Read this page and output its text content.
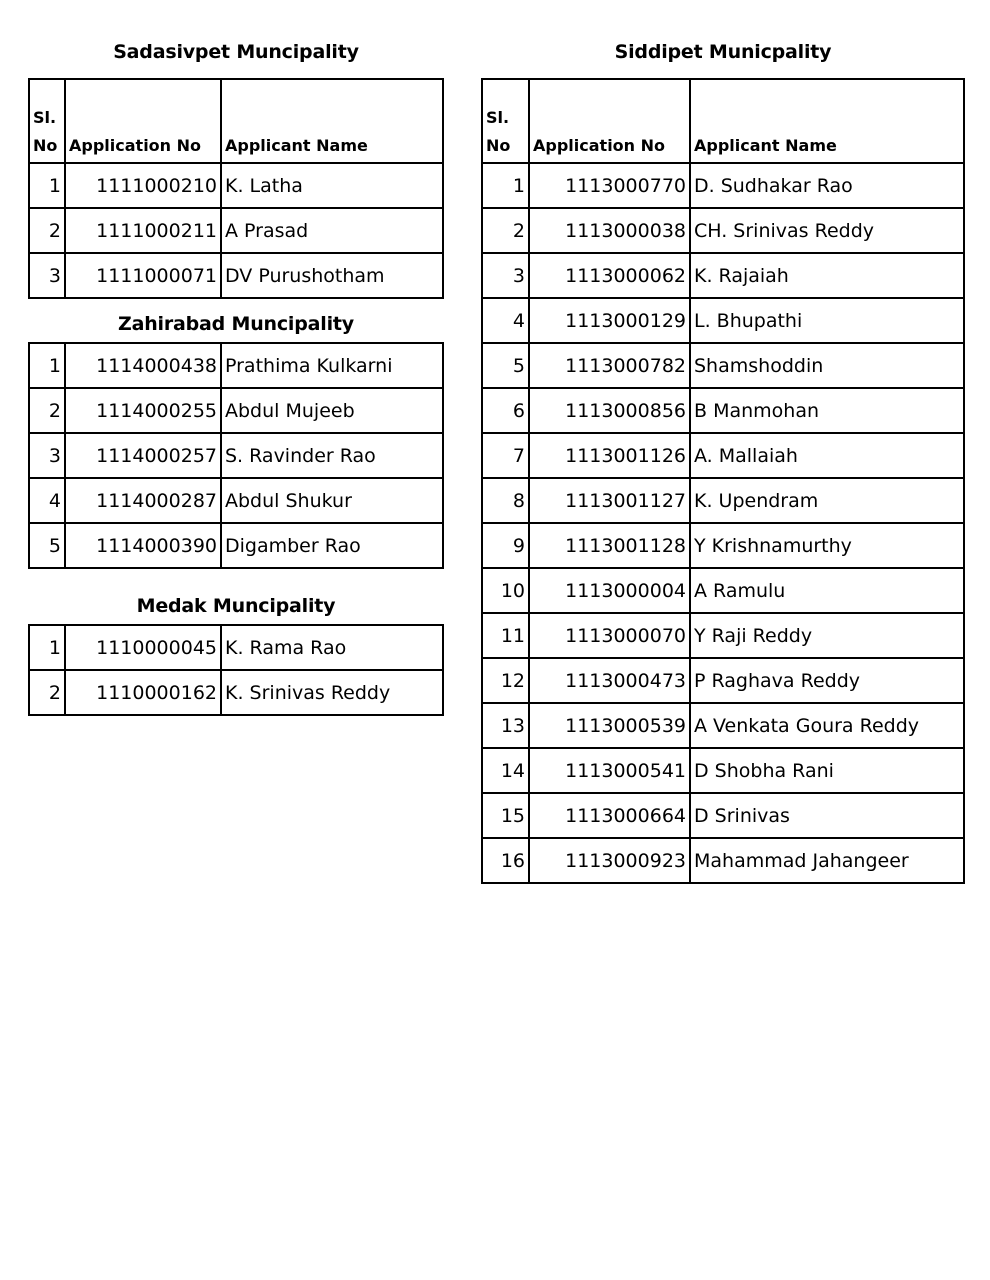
Sadasivpet Muncipality
Sl.
No	Application No	Applicant Name
1	1111000210	K. Latha
2	1111000211	A Prasad
3	1111000071	DV Purushotham
Zahirabad Muncipality
1	1114000438	Prathima Kulkarni
2	1114000255	Abdul Mujeeb
3	1114000257	S. Ravinder Rao
4	1114000287	Abdul Shukur
5	1114000390	Digamber Rao
Medak Muncipality
1	1110000045	K. Rama Rao
2	1110000162	K. Srinivas Reddy
Siddipet Municpality
Sl.
No	Application No	Applicant Name
1	1113000770	D. Sudhakar Rao
2	1113000038	CH. Srinivas Reddy
3	1113000062	K. Rajaiah
4	1113000129	L. Bhupathi
5	1113000782	Shamshoddin
6	1113000856	B Manmohan
7	1113001126	A. Mallaiah
8	1113001127	K. Upendram
9	1113001128	Y Krishnamurthy
10	1113000004	A Ramulu
11	1113000070	Y Raji Reddy
12	1113000473	P Raghava Reddy
13	1113000539	A Venkata Goura Reddy
14	1113000541	D Shobha Rani
15	1113000664	D Srinivas
16	1113000923	Mahammad Jahangeer
